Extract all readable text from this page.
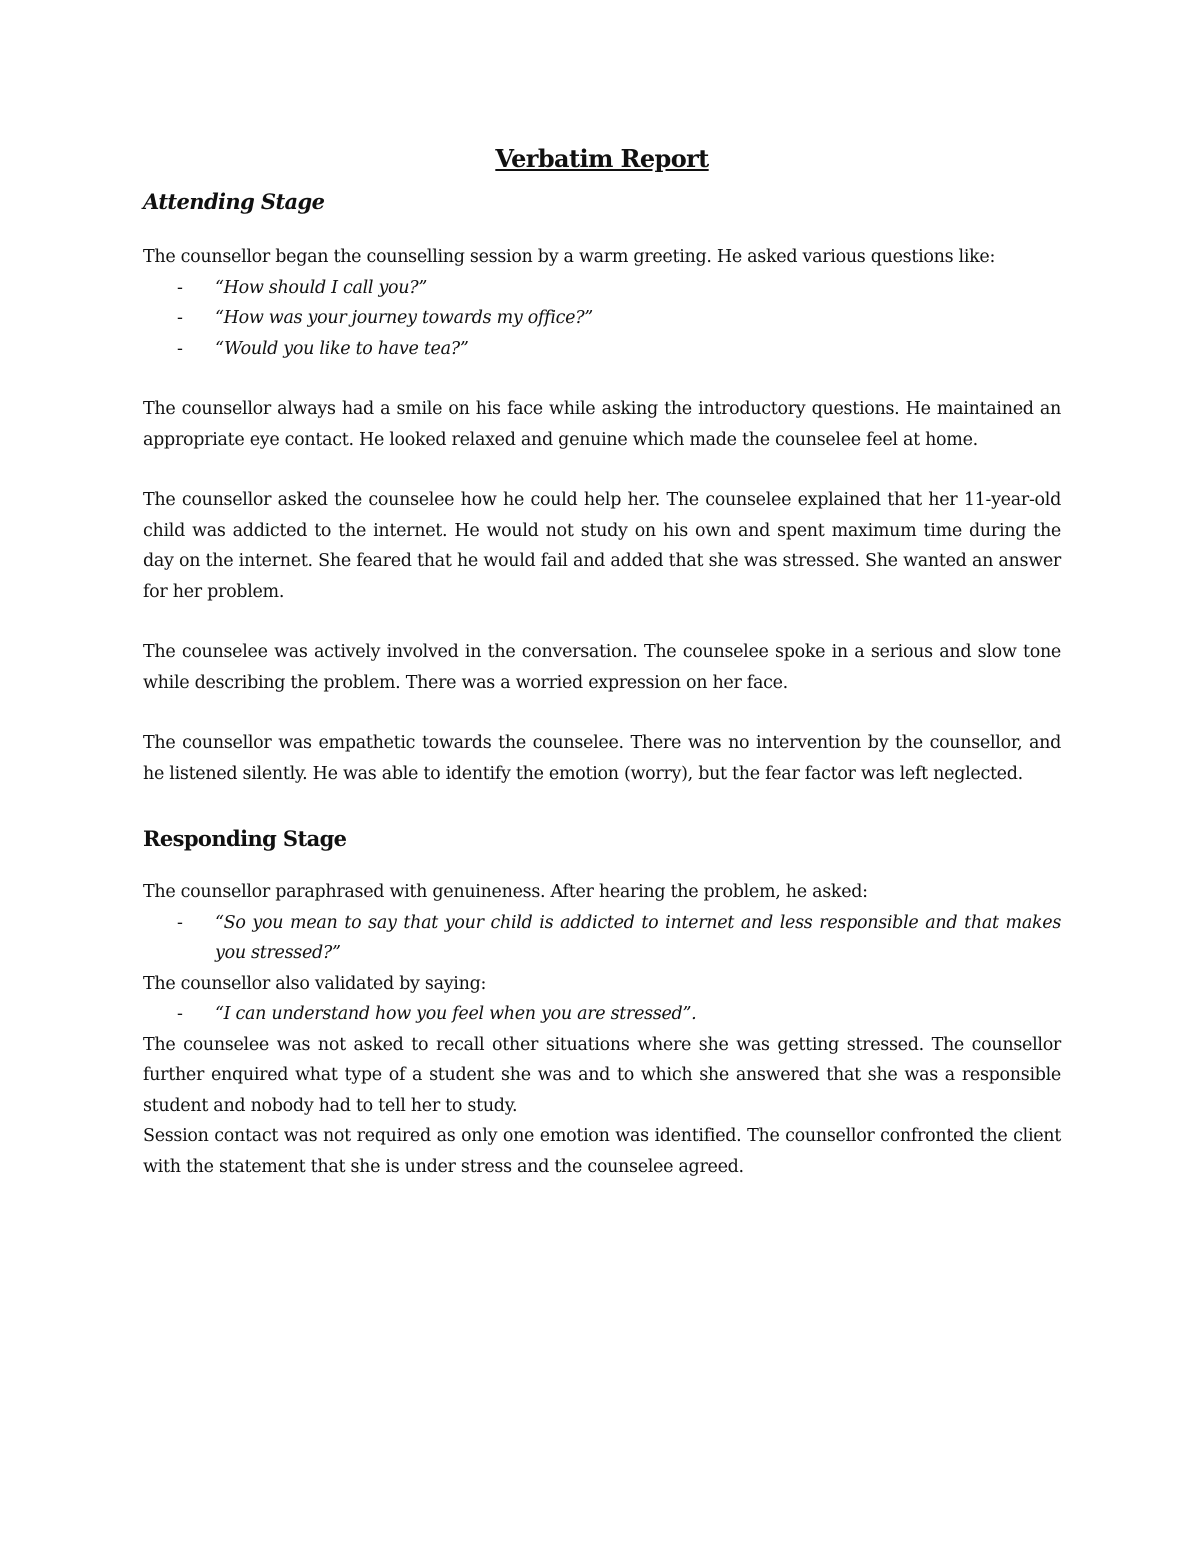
Verbatim Report
Attending Stage

The counsellor began the counselling session by a warm greeting. He asked various questions like:

- “How should I call you?”
- “How was your journey towards my office?”
- “Would you like to have tea?”

The counsellor always had a smile on his face while asking the introductory questions. He maintained an appropriate eye contact. He looked relaxed and genuine which made the counselee feel at home.

The counsellor asked the counselee how he could help her. The counselee explained that her 11-year-old child was addicted to the internet. He would not study on his own and spent maximum time during the day on the internet. She feared that he would fail and added that she was stressed. She wanted an answer for her problem.

The counselee was actively involved in the conversation. The counselee spoke in a serious and slow tone while describing the problem. There was a worried expression on her face.

The counsellor was empathetic towards the counselee. There was no intervention by the counsellor, and he listened silently. He was able to identify the emotion (worry), but the fear factor was left neglected.

Responding Stage

The counsellor paraphrased with genuineness. After hearing the problem, he asked:

- “So you mean to say that your child is addicted to internet and less responsible and that makes you stressed?”

The counsellor also validated by saying:

- “I can understand how you feel when you are stressed”.

The counselee was not asked to recall other situations where she was getting stressed. The counsellor further enquired what type of a student she was and to which she answered that she was a responsible student and nobody had to tell her to study.

Session contact was not required as only one emotion was identified. The counsellor confronted the client with the statement that she is under stress and the counselee agreed.
